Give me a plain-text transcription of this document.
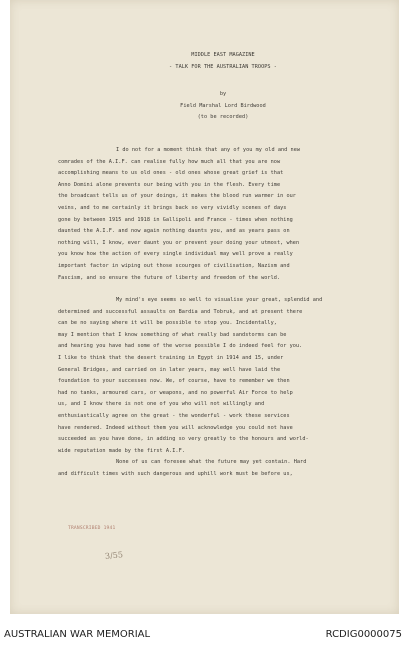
MIDDLE EAST MAGAZINE
- TALK FOR THE AUSTRALIAN TROOPS -
by
Field Marshal Lord Birdwood
(to be recorded)
I do not for a moment think that any of you my old and new
comrades of the A.I.F. can realise fully how much all that you are now
accomplishing means to us old ones - old ones whose great grief is that
Anno Domini alone prevents our being with you in the flesh. Every time
the broadcast tells us of your doings, it makes the blood run warmer in our
veins, and to me certainly it brings back so very vividly scenes of days
gone by between 1915 and 1918 in Gallipoli and France - times when nothing
daunted the A.I.F. and now again nothing daunts you, and as years pass on
nothing will, I know, ever daunt you or prevent your doing your utmost, when
you know how the action of every single individual may well prove a really
important factor in wiping out those scourges of civilisation, Nazism and
Fascism, and so ensure the future of liberty and freedom of the world.
My mind's eye seems so well to visualise your great, splendid and
determined and successful assaults on Bardia and Tobruk, and at present there
can be no saying where it will be possible to stop you. Incidentally,
may I mention that I know something of what really bad sandstorms can be
and hearing you have had some of the worse possible I do indeed feel for you.
I like to think that the desert training in Egypt in 1914 and 15, under
General Bridges, and carried on in later years, may well have laid the
foundation to your successes now. We, of course, have to remember we then
had no tanks, armoured cars, or weapons, and no powerful Air Force to help
us, and I know there is not one of you who will not willingly and
enthusiastically agree on the great - the wonderful - work these services
have rendered. Indeed without them you will acknowledge you could not have
succeeded as you have done, in adding so very greatly to the honours and world-
wide reputation made by the first A.I.F.
None of us can foresee what the future may yet contain. Hard
and difficult times with such dangerous and uphill work must be before us,
TRANSCRIBED 1941
3/55
AUSTRALIAN WAR MEMORIAL	RCDIG0000075
